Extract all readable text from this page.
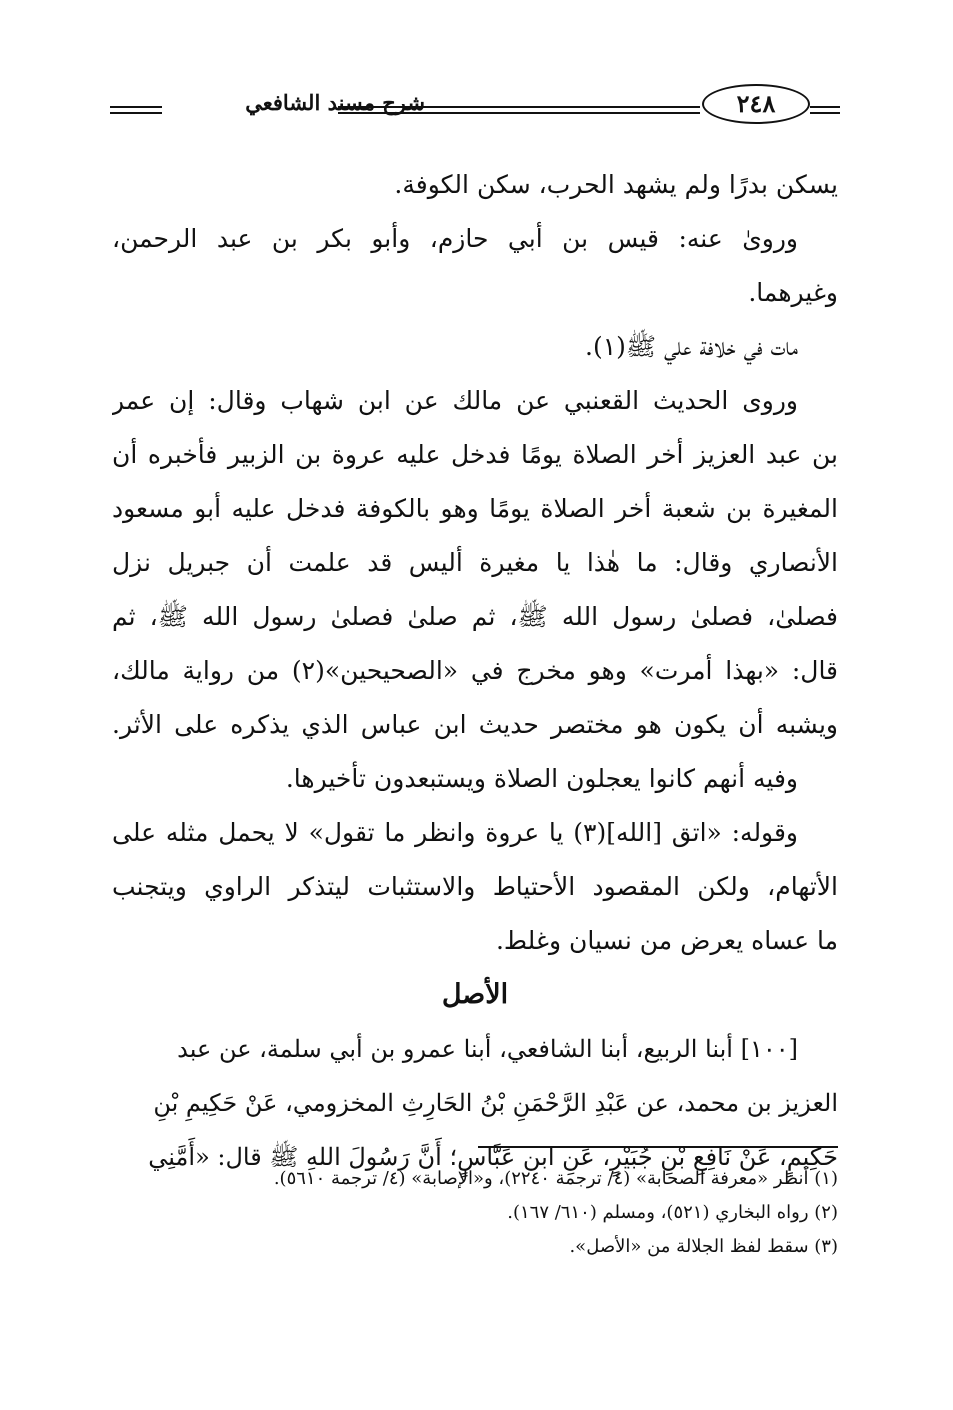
شرح مسند الشافعي	٢٤٨
يسكن بدرًا ولم يشهد الحرب، سكن الكوفة.
ورویٰ عنه: قيس بن أبي حازم، وأبو بكر بن عبد الرحمن،
وغيرهما.
مات في خلافة علي ﷺ(١).
وروى الحديث القعنبي عن مالك عن ابن شهاب وقال: إن عمر
بن عبد العزيز أخر الصلاة يومًا فدخل عليه عروة بن الزبير فأخبره أن
المغيرة بن شعبة أخر الصلاة يومًا وهو بالكوفة فدخل عليه أبو مسعود
الأنصاري وقال: ما هٰذا يا مغيرة أليس قد علمت أن جبريل نزل
فصلىٰ، فصلىٰ رسول الله ﷺ، ثم صلىٰ فصلىٰ رسول الله ﷺ، ثم
قال: «بهذا أمرت» وهو مخرج في «الصحيحين»(٢) من رواية مالك،
ويشبه أن يكون هو مختصر حديث ابن عباس الذي يذكره على الأثر.
وفيه أنهم كانوا يعجلون الصلاة ويستبعدون تأخيرها.
وقوله: «اتق [الله](٣) يا عروة وانظر ما تقول» لا يحمل مثله على
الأتهام، ولكن المقصود الأحتياط والاستثبات ليتذكر الراوي ويتجنب
ما عساه يعرض من نسيان وغلط.
الأصل
[١٠٠] أبنا الربيع، أبنا الشافعي، أبنا عمرو بن أبي سلمة، عن عبد
العزيز بن محمد، عن عَبْدِ الرَّحْمَنِ بْنُ الحَارِثِ المخزومي، عَنْ حَكِيمِ بْنِ
حَكِيمٍ، عَنْ نَافِعِ بْنِ جُبَيْرٍ، عَنِ ابن عَبَّاسٍ؛ أَنَّ رَسُولَ اللهِ ﷺ قال: «أَمَّنِي
(١) أنظر «معرفة الصحابة» (٤/ ترجمة ٢٢٤٠)، و«الإصابة» (٤/ ترجمة ٥٦١٠).
(٢) رواه البخاري (٥٢١)، ومسلم (٦١٠/ ١٦٧).
(٣) سقط لفظ الجلالة من «الأصل».
